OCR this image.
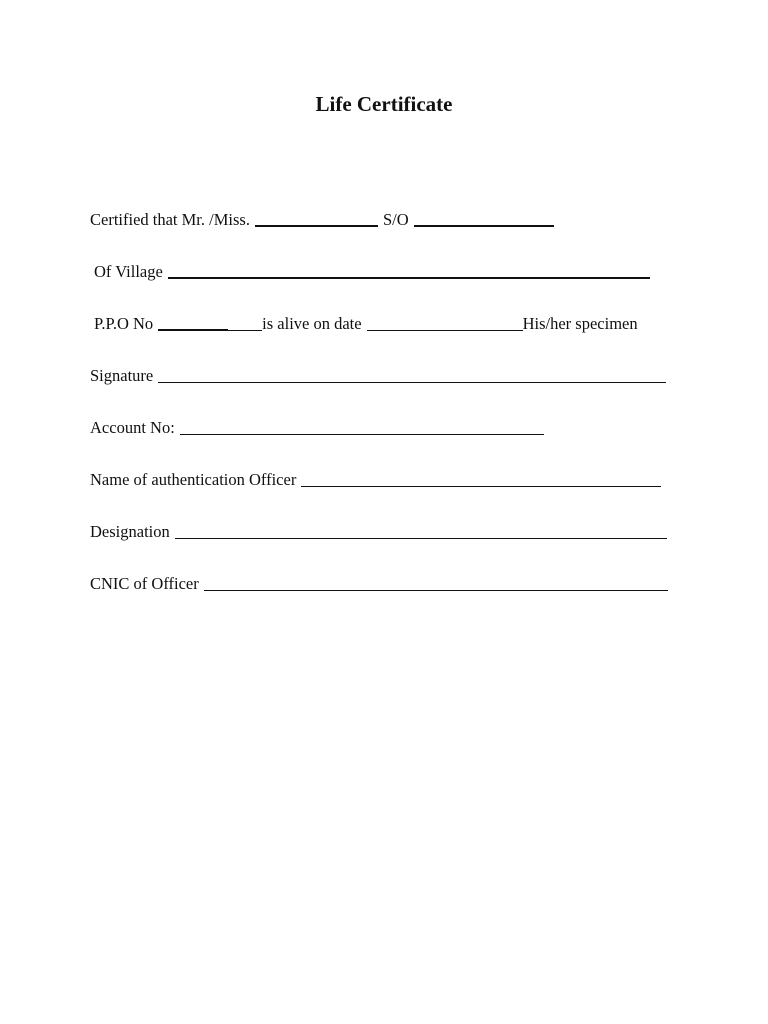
Life Certificate
Certified that Mr. /Miss.	S/O
Of Village
P.P.O No	is alive on date	His/her specimen
Signature
Account No:
Name of authentication Officer
Designation
CNIC of Officer
